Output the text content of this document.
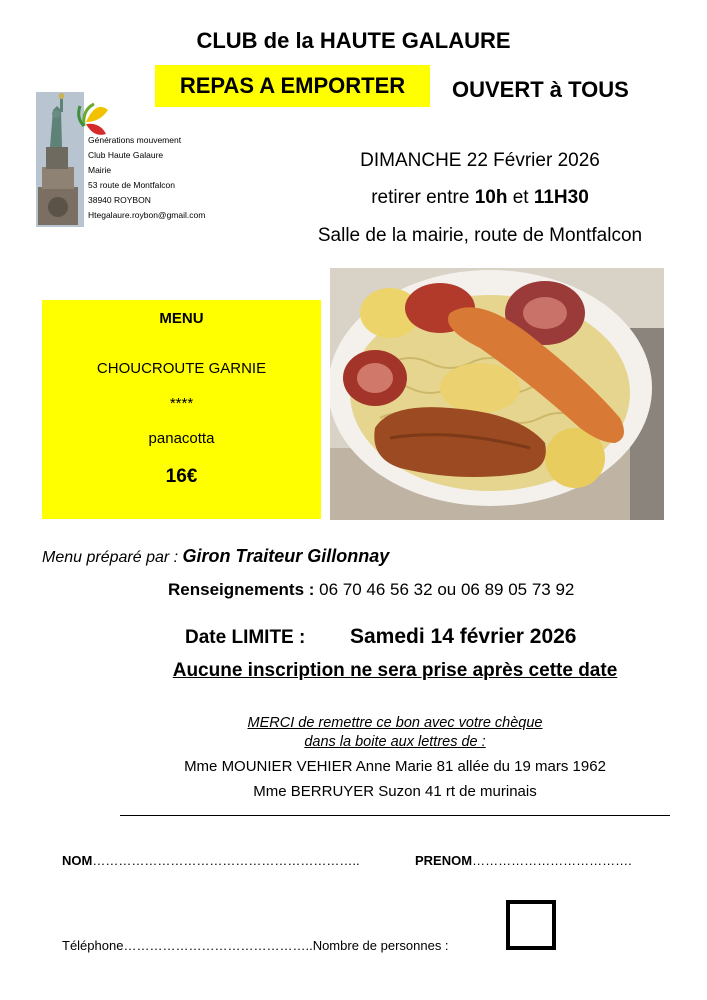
CLUB de la HAUTE GALAURE
REPAS A EMPORTER	OUVERT à TOUS
Générations mouvement
Club Haute Galaure
Mairie
53 route de Montfalcon
38940 ROYBON
Htegalaure.roybon@gmail.com
DIMANCHE 22 Février 2026
retirer entre 10h et 11H30
Salle de la mairie, route de Montfalcon
MENU
CHOUCROUTE GARNIE
****
panacotta
16€
Menu préparé par : Giron Traiteur Gillonnay
Renseignements : 06 70 46 56 32 ou 06 89 05 73 92
Date LIMITE : Samedi 14 février 2026
Aucune inscription ne sera prise après cette date
MERCI de remettre ce bon avec votre chèque
dans la boite aux lettres de :
Mme MOUNIER VEHIER Anne Marie 81 allée du 19 mars 1962
Mme BERRUYER Suzon 41 rt de murinais
NOM……………………………………………………..	PRENOM……………………………….
Téléphone……………………………………..Nombre de personnes :
